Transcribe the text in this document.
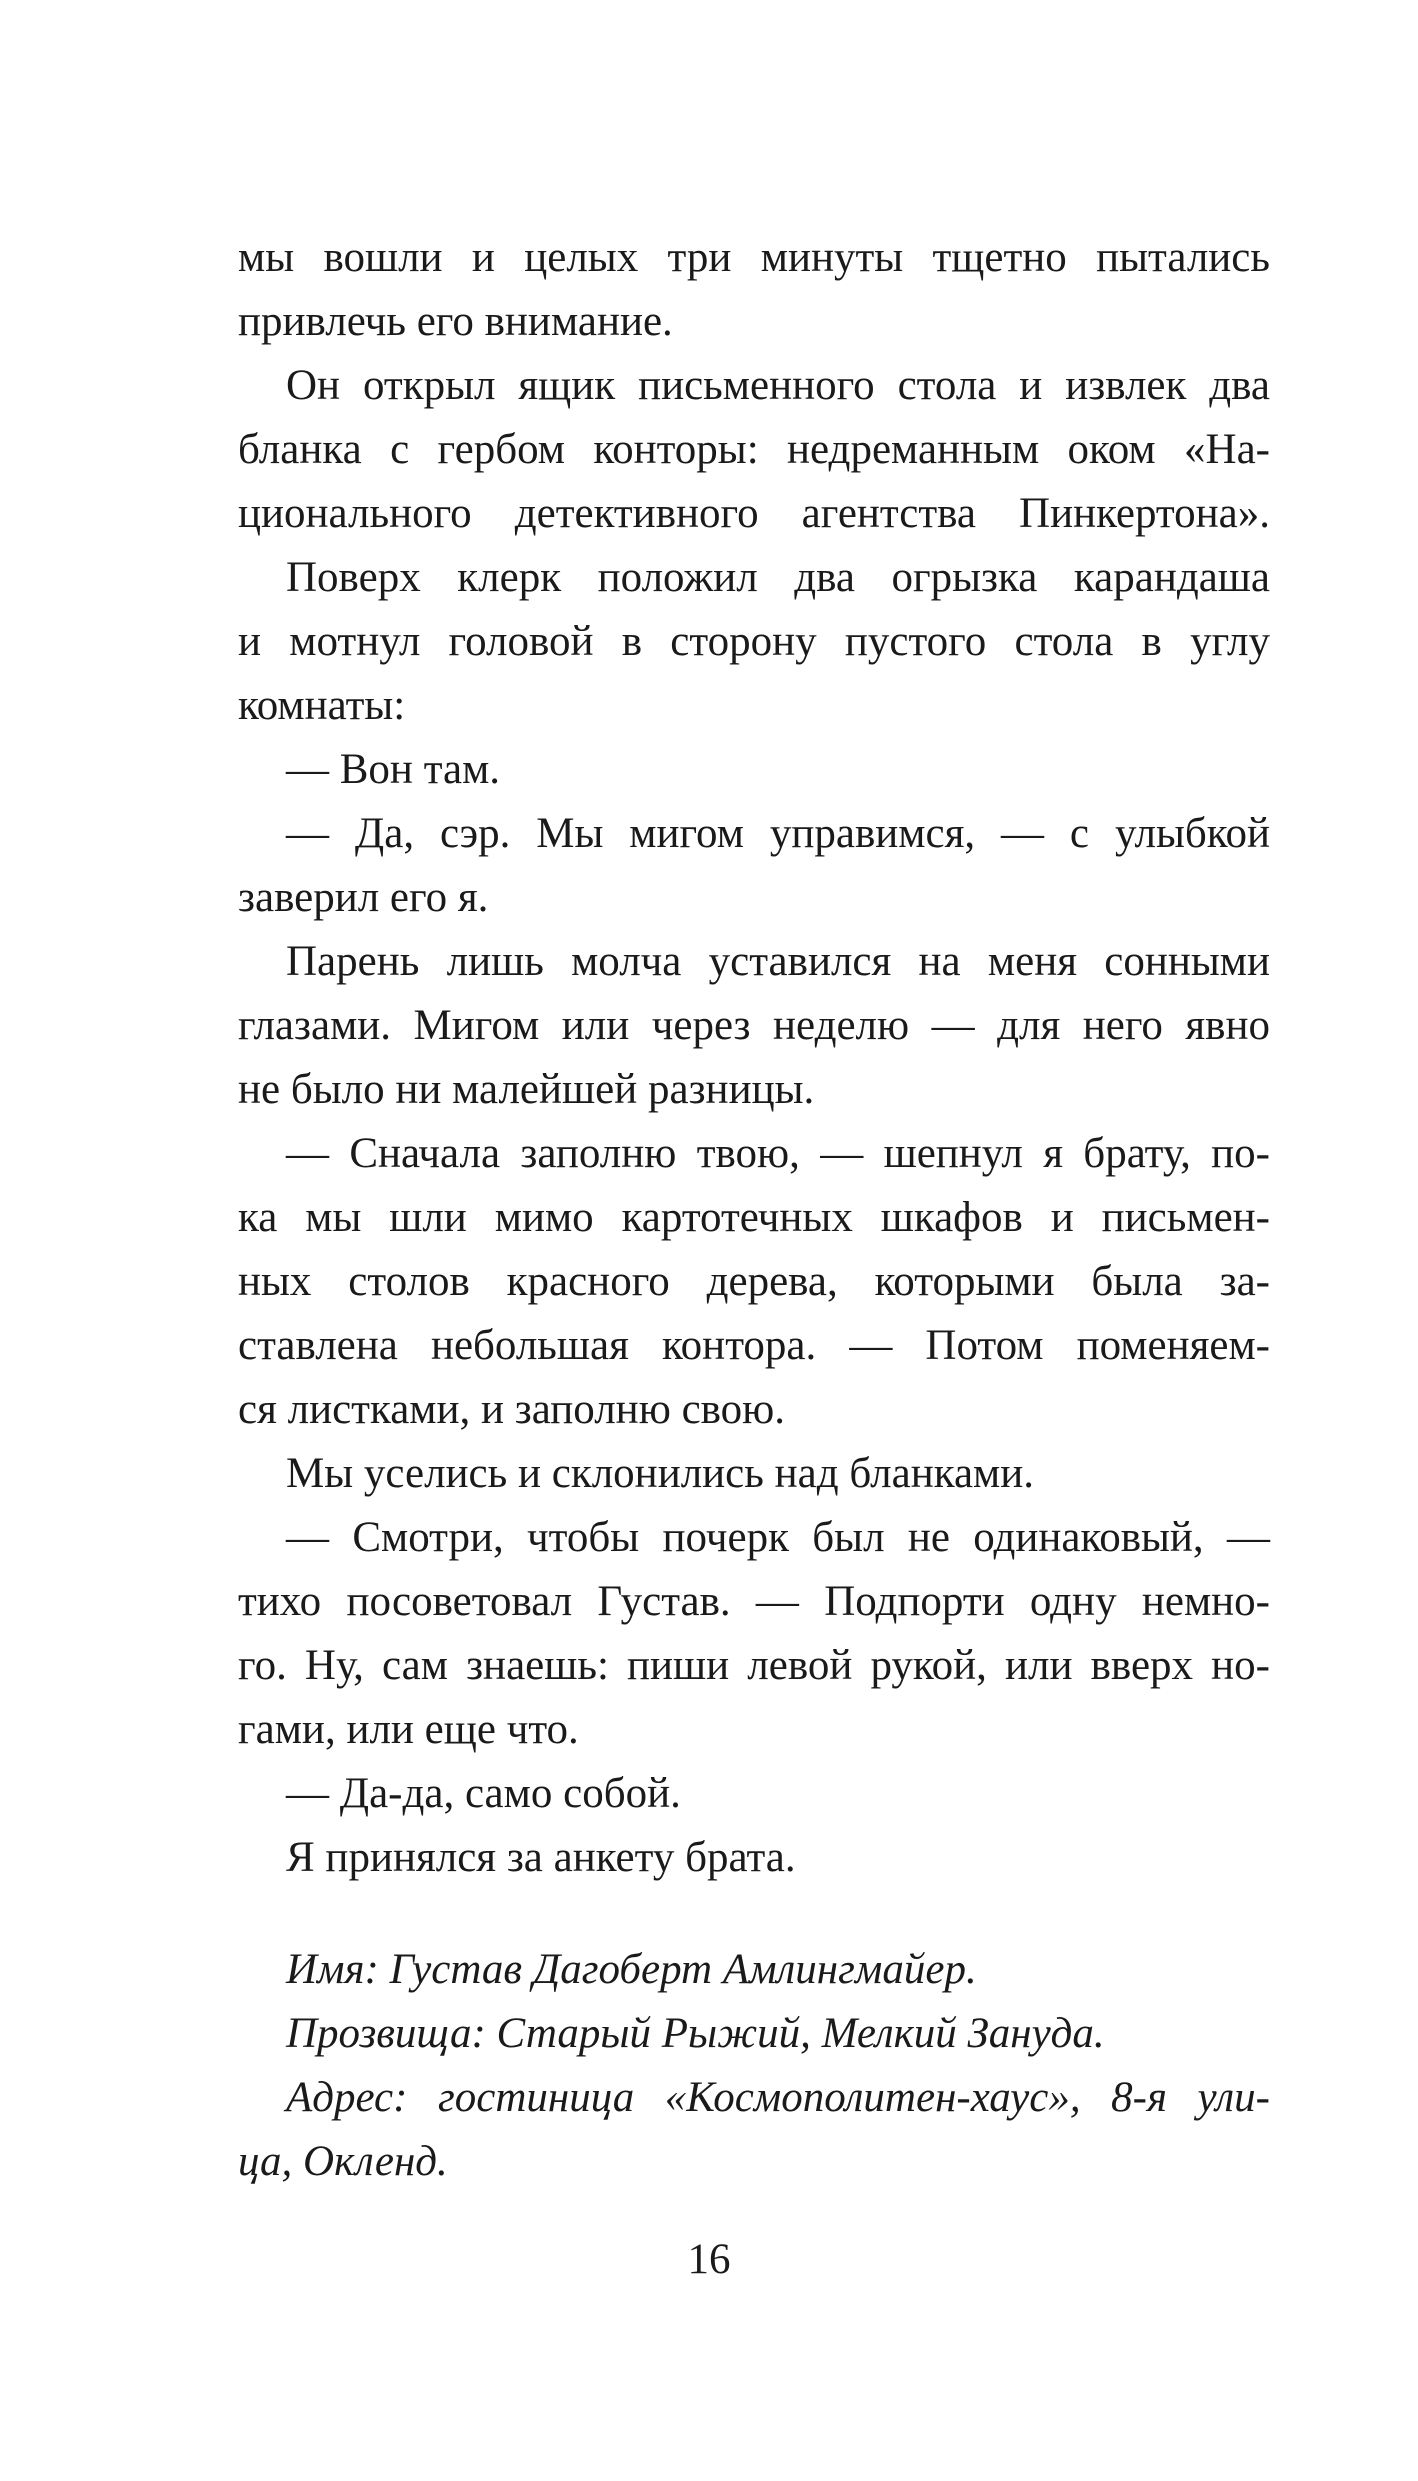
мы вошли и целых три минуты тщетно пытались
привлечь его внимание.
Он открыл ящик письменного стола и извлек два
бланка с гербом конторы: недреманным оком «На-
ционального детективного агентства Пинкертона».
Поверх клерк положил два огрызка карандаша
и мотнул головой в сторону пустого стола в углу
комнаты:
— Вон там.
— Да, сэр. Мы мигом управимся, — с улыбкой
заверил его я.
Парень лишь молча уставился на меня сонными
глазами. Мигом или через неделю — для него явно
не было ни малейшей разницы.
— Сначала заполню твою, — шепнул я брату, по-
ка мы шли мимо картотечных шкафов и письмен-
ных столов красного дерева, которыми была за-
ставлена небольшая контора. — Потом поменяем-
ся листками, и заполню свою.
Мы уселись и склонились над бланками.
— Смотри, чтобы почерк был не одинаковый, —
тихо посоветовал Густав. — Подпорти одну немно-
го. Ну, сам знаешь: пиши левой рукой, или вверх но-
гами, или еще что.
— Да-да, само собой.
Я принялся за анкету брата.
Имя: Густав Дагоберт Амлингмайер.
Прозвища: Старый Рыжий, Мелкий Зануда.
Адрес: гостиница «Космополитен-хаус», 8-я ули-
ца, Окленд.
16
